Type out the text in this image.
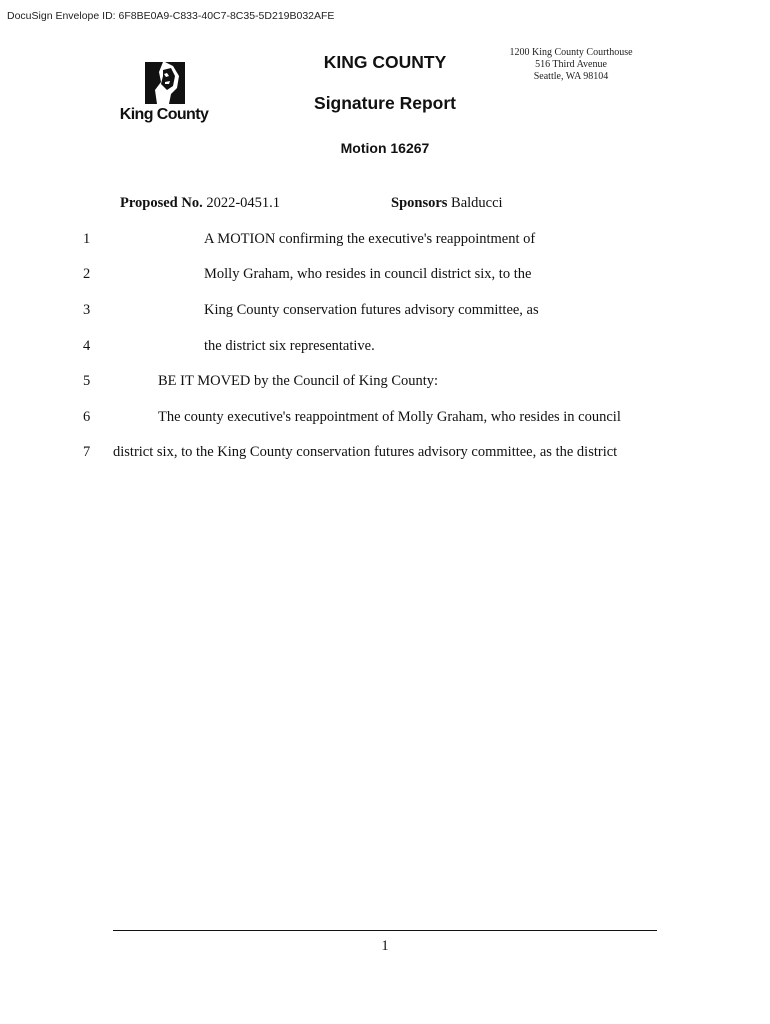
DocuSign Envelope ID: 6F8BE0A9-C833-40C7-8C35-5D219B032AFE
King County
KING COUNTY
Signature Report
Motion 16267
1200 King County Courthouse
516 Third Avenue
Seattle, WA 98104
Proposed No. 2022-0451.1	Sponsors Balducci
1	A MOTION confirming the executive's reappointment of
2	Molly Graham, who resides in council district six, to the
3	King County conservation futures advisory committee, as
4	the district six representative.
5	BE IT MOVED by the Council of King County:
6	The county executive's reappointment of Molly Graham, who resides in council
7 district six, to the King County conservation futures advisory committee, as the district
1
